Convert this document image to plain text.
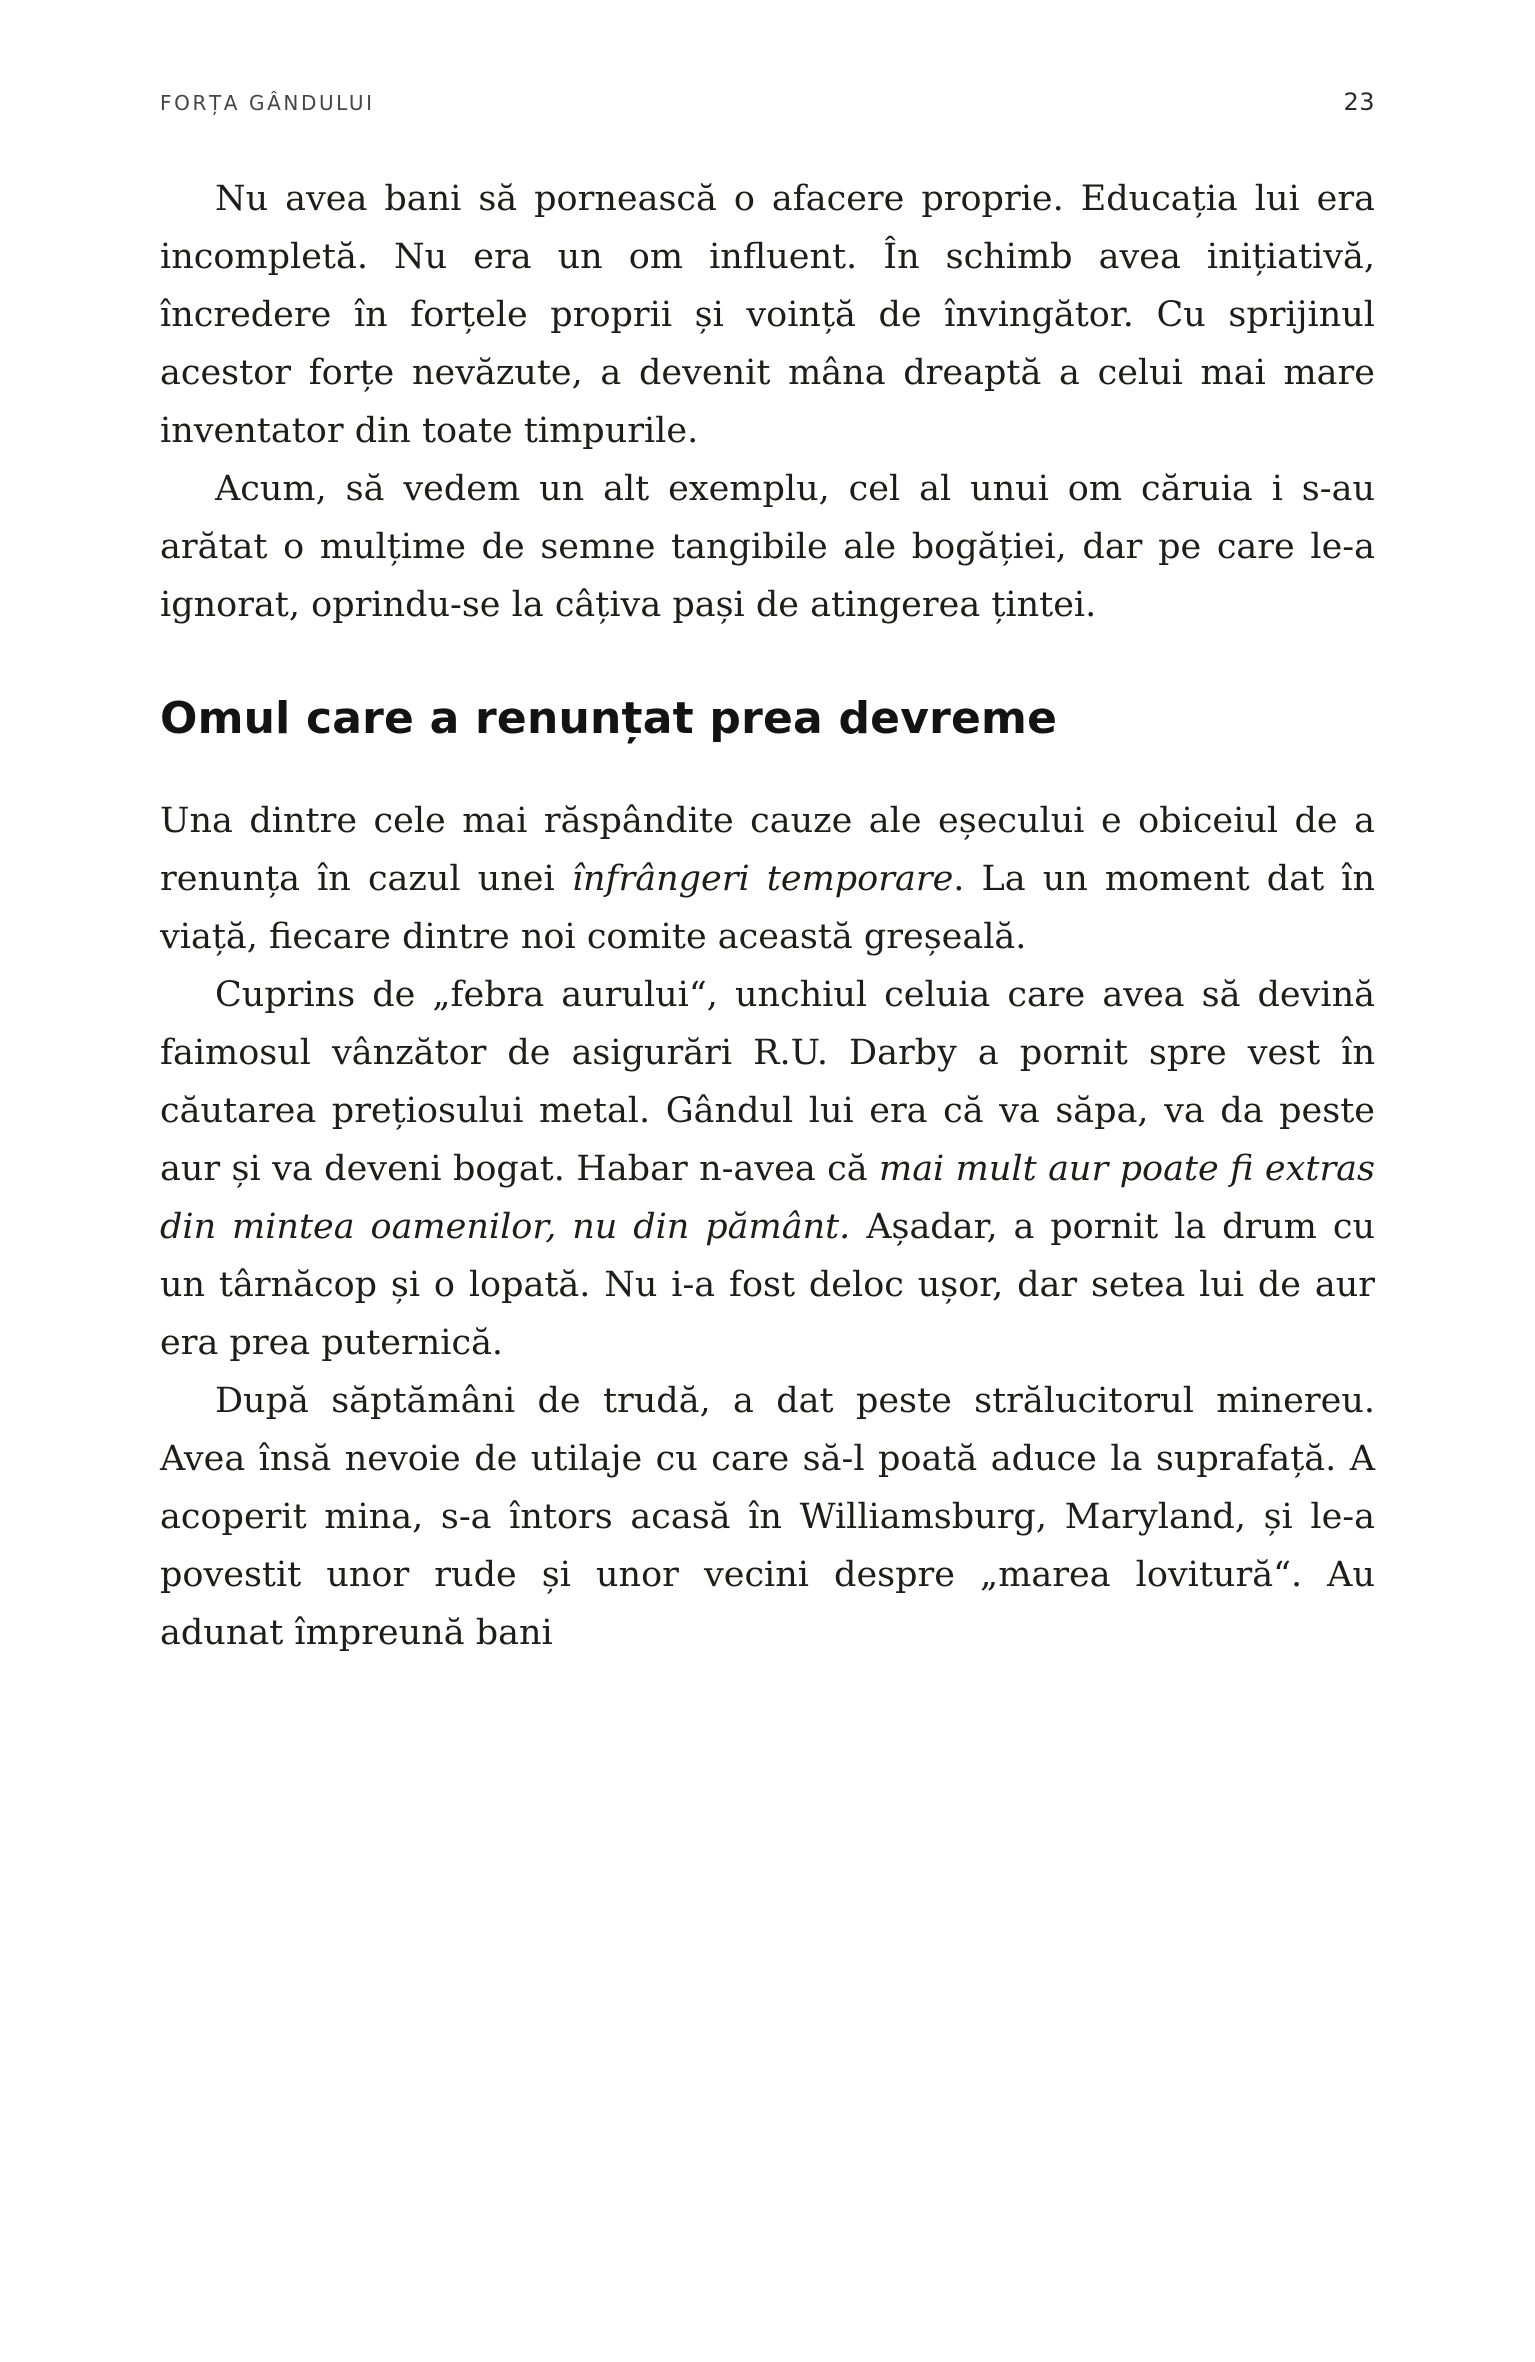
FORȚA GÂNDULUI	23

Nu avea bani să pornească o afacere proprie. Educația lui era incompletă. Nu era un om influent. În schimb avea inițiativă, încredere în forțele proprii și voință de învingător. Cu sprijinul acestor forțe nevăzute, a devenit mâna dreaptă a celui mai mare inventator din toate timpurile.

Acum, să vedem un alt exemplu, cel al unui om căruia i s-au arătat o mulțime de semne tangibile ale bogăției, dar pe care le-a ignorat, oprindu-se la câțiva pași de atingerea țintei.

Omul care a renunțat prea devreme

Una dintre cele mai răspândite cauze ale eșecului e obiceiul de a renunța în cazul unei înfrângeri temporare. La un moment dat în viață, fiecare dintre noi comite această greșeală.

Cuprins de „febra aurului“, unchiul celuia care avea să devină faimosul vânzător de asigurări R.U. Darby a pornit spre vest în căutarea prețiosului metal. Gândul lui era că va săpa, va da peste aur și va deveni bogat. Habar n-avea că mai mult aur poate fi extras din mintea oamenilor, nu din pământ. Așadar, a pornit la drum cu un târnăcop și o lopată. Nu i-a fost deloc ușor, dar setea lui de aur era prea puternică.

După săptămâni de trudă, a dat peste strălucitorul minereu. Avea însă nevoie de utilaje cu care să-l poată aduce la suprafață. A acoperit mina, s-a întors acasă în Williamsburg, Maryland, și le-a povestit unor rude și unor vecini despre „marea lovitură“. Au adunat împreună bani
